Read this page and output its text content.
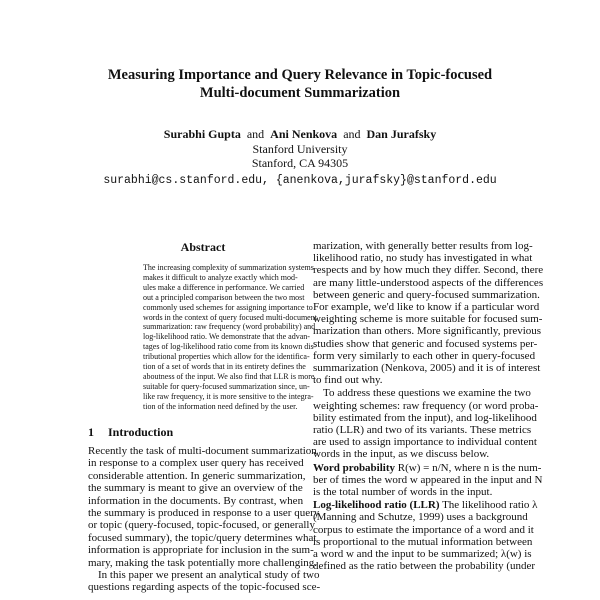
Measuring Importance and Query Relevance in Topic-focused
Multi-document Summarization
Surabhi Gupta and Ani Nenkova and Dan Jurafsky
Stanford University
Stanford, CA 94305
surabhi@cs.stanford.edu, {anenkova,jurafsky}@stanford.edu
Abstract
The increasing complexity of summarization systems
makes it difficult to analyze exactly which mod-
ules make a difference in performance. We carried
out a principled comparison between the two most
commonly used schemes for assigning importance to
words in the context of query focused multi-document
summarization: raw frequency (word probability) and
log-likelihood ratio. We demonstrate that the advan-
tages of log-likelihood ratio come from its known dis-
tributional properties which allow for the identifica-
tion of a set of words that in its entirety defines the
aboutness of the input. We also find that LLR is more
suitable for query-focused summarization since, un-
like raw frequency, it is more sensitive to the integra-
tion of the information need defined by the user.
1 Introduction
Recently the task of multi-document summarization
in response to a complex user query has received
considerable attention. In generic summarization,
the summary is meant to give an overview of the
information in the documents. By contrast, when
the summary is produced in response to a user query
or topic (query-focused, topic-focused, or generally
focused summary), the topic/query determines what
information is appropriate for inclusion in the sum-
mary, making the task potentially more challenging.
In this paper we present an analytical study of two
questions regarding aspects of the topic-focused sce-
marization, with generally better results from log-
likelihood ratio, no study has investigated in what
respects and by how much they differ. Second, there
are many little-understood aspects of the differences
between generic and query-focused summarization.
For example, we'd like to know if a particular word
weighting scheme is more suitable for focused sum-
marization than others. More significantly, previous
studies show that generic and focused systems per-
form very similarly to each other in query-focused
summarization (Nenkova, 2005) and it is of interest
to find out why.
To address these questions we examine the two
weighting schemes: raw frequency (or word proba-
bility estimated from the input), and log-likelihood
ratio (LLR) and two of its variants. These metrics
are used to assign importance to individual content
words in the input, as we discuss below.
Word probability R(w) = n/N, where n is the num-
ber of times the word w appeared in the input and N
is the total number of words in the input.
Log-likelihood ratio (LLR) The likelihood ratio λ
(Manning and Schutze, 1999) uses a background
corpus to estimate the importance of a word and it
is proportional to the mutual information between
a word w and the input to be summarized; λ(w) is
defined as the ratio between the probability (under
